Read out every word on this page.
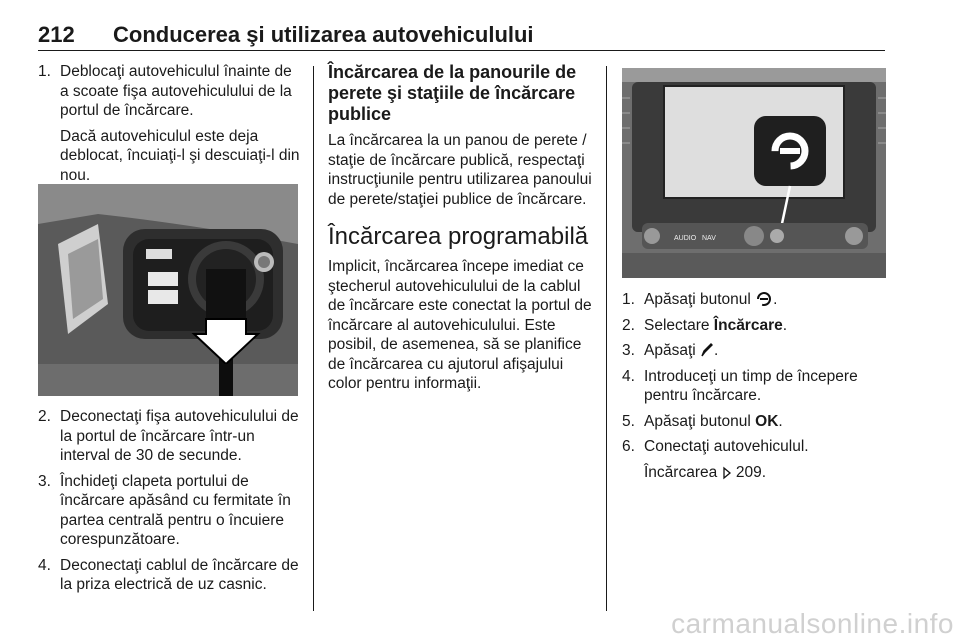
212 Conducerea şi utilizarea autovehiculului
1. Deblocaţi autovehiculul înainte de a scoate fişa autovehiculului de la portul de încărcare.
Dacă autovehiculul este deja deblocat, încuiaţi-l şi descuiaţi-l din nou.
2. Deconectaţi fişa autovehiculului de la portul de încărcare într-un interval de 30 de secunde.
3. Închideţi clapeta portului de încărcare apăsând cu fermitate în partea centrală pentru o încuiere corespunzătoare.
4. Deconectaţi cablul de încărcare de la priza electrică de uz casnic.
Încărcarea de la panourile de perete şi staţiile de încărcare publice

La încărcarea la un panou de perete / staţie de încărcare publică, respectaţi instrucţiunile pentru utilizarea panoului de perete/staţiei publice de încărcare.

Încărcarea programabilă

Implicit, încărcarea începe imediat ce ştecherul autovehiculului de la cablul de încărcare este conectat la portul de încărcare al autovehiculului. Este posibil, de asemenea, să se planifice de încărcarea cu ajutorul afişajului color pentru informaţii.

AUDIO NAV
1. Apăsaţi butonul .
2. Selectare Încărcare.
3. Apăsaţi .
4. Introduceţi un timp de începere pentru încărcare.
5. Apăsaţi butonul OK.
6. Conectaţi autovehiculul.
Încărcarea 209.
carmanualsonline.info
